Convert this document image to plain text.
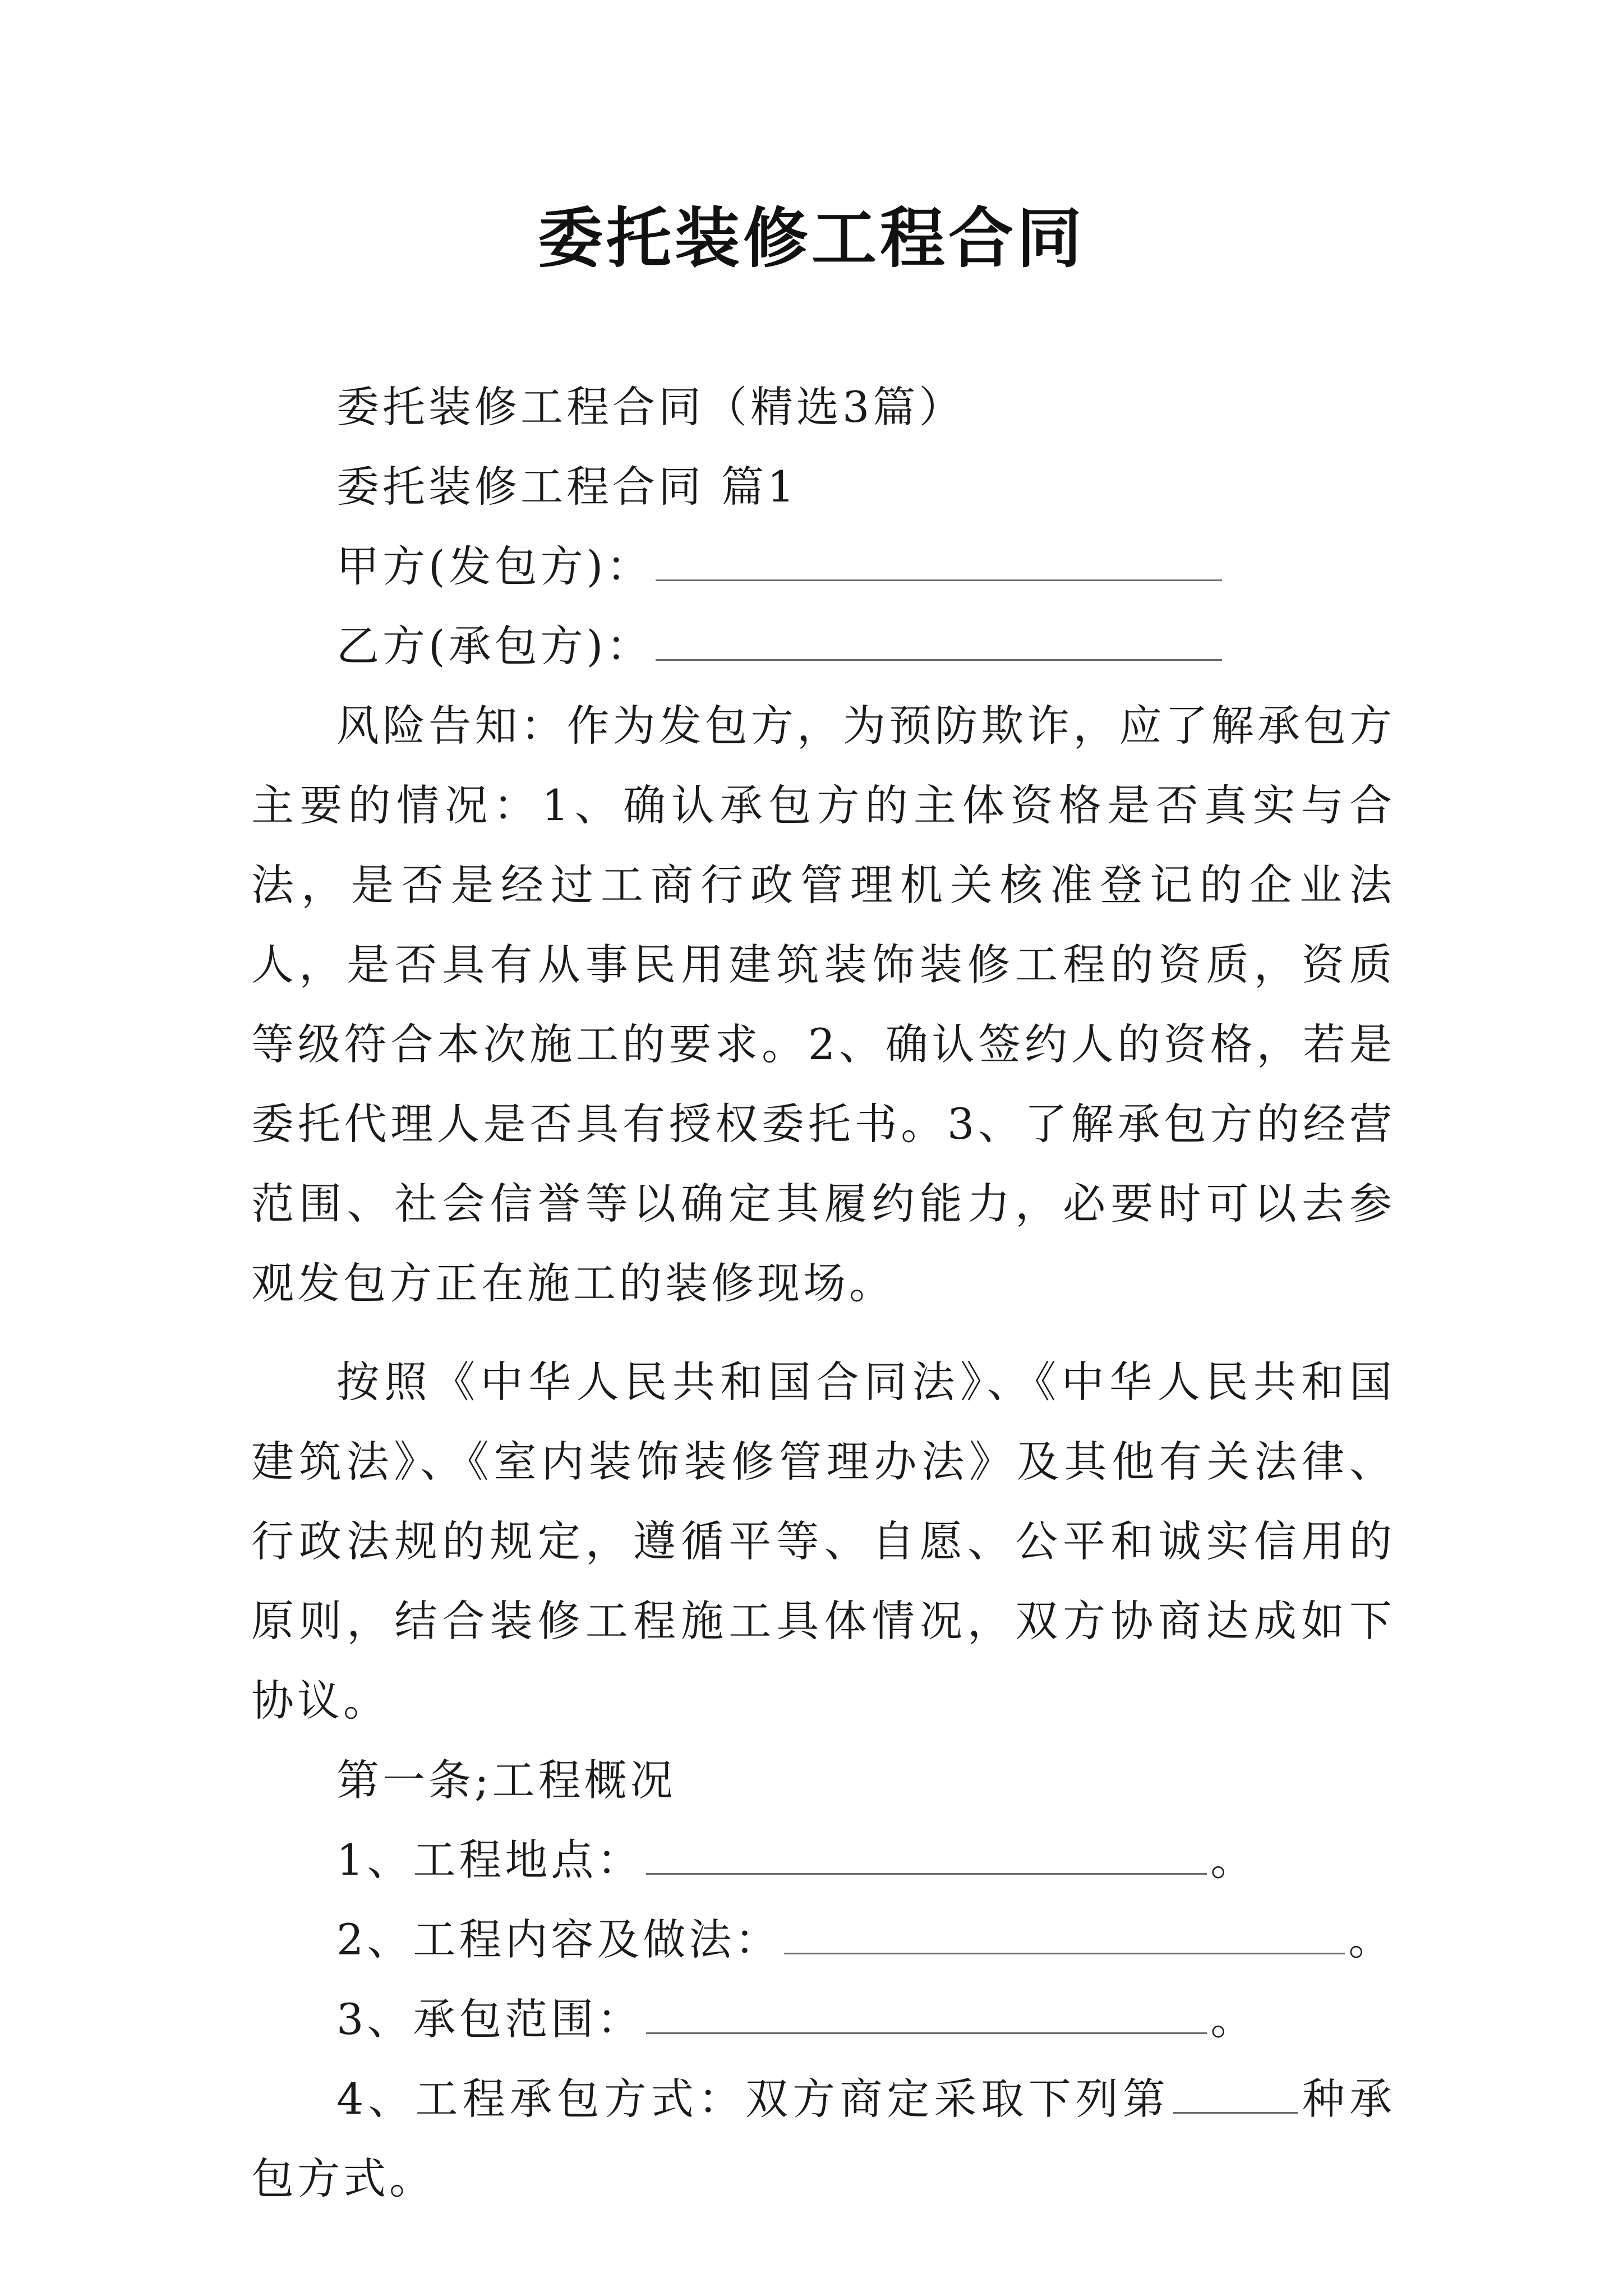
委托装修工程合同

委托装修工程合同（精选3篇）

委托装修工程合同 篇1

甲方(发包方)：

乙方(承包方)：

风险告知：作为发包方，为预防欺诈，应了解承包方主要的情况：1、确认承包方的主体资格是否真实与合法，是否是经过工商行政管理机关核准登记的企业法人，是否具有从事民用建筑装饰装修工程的资质，资质等级符合本次施工的要求。2、确认签约人的资格，若是委托代理人是否具有授权委托书。3、了解承包方的经营范围、社会信誉等以确定其履约能力，必要时可以去参观发包方正在施工的装修现场。

按照《中华人民共和国合同法》、《中华人民共和国建筑法》、《室内装饰装修管理办法》及其他有关法律、行政法规的规定，遵循平等、自愿、公平和诚实信用的原则，结合装修工程施工具体情况，双方协商达成如下协议。

第一条;工程概况

1、工程地点：	。

2、工程内容及做法：	。

3、承包范围：	。

4、工程承包方式：双方商定采取下列第	种承包方式。
